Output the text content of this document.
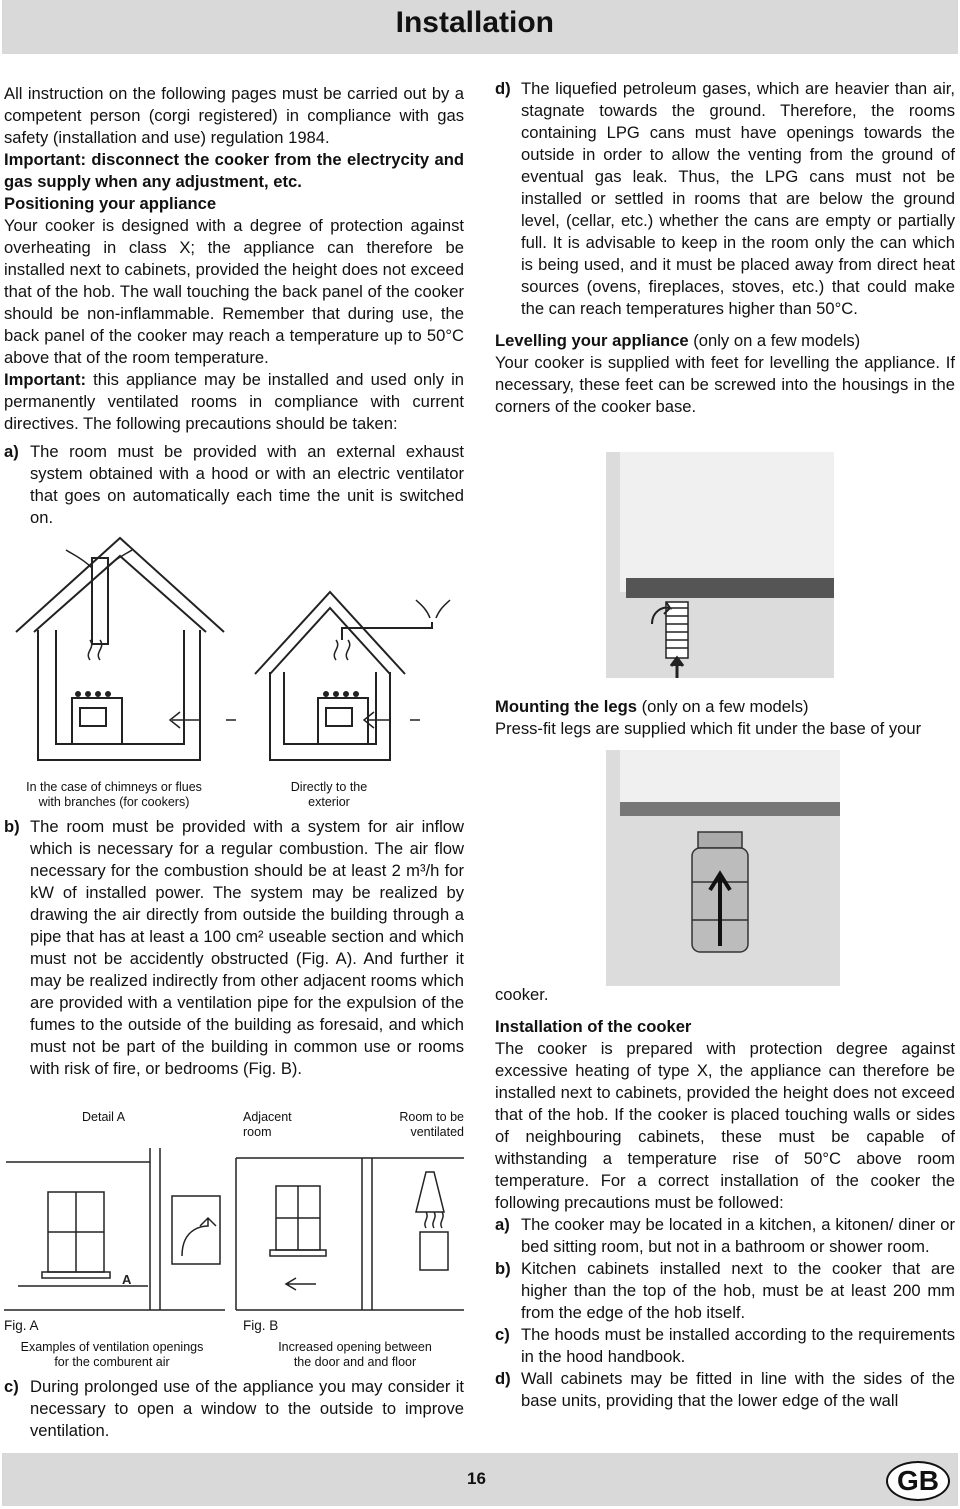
Installation

All instruction on the following pages must be carried out by a competent person (corgi registered) in compliance with gas safety (installation and use) regulation 1984.

Important: disconnect the cooker from the electrycity and gas supply when any adjustment, etc.

Positioning your appliance

Your cooker is designed with a degree of protection against overheating in class X; the appliance can therefore be installed next to cabinets, provided the height does not exceed that of the hob. The wall touching the back panel of the cooker should be non-inflammable. Remember that during use, the back panel of the cooker may reach a temperature up to 50°C above that of the room temperature.

Important: this appliance may be installed and used only in permanently ventilated rooms in compliance with current directives. The following precautions should be taken:

a) The room must be provided with an external exhaust system obtained with a hood or with an electric ventilator that goes on automatically each time the unit is switched on.
In the case of chimneys or flues with branches (for cookers)
Directly to the exterior
b) The room must be provided with a system for air inflow which is necessary for a regular combustion. The air flow necessary for the combustion should be at least 2 m³/h for kW of installed power. The system may be realized by drawing the air directly from outside the building through a pipe that has at least a 100 cm² useable section and which must not be accidently obstructed (Fig. A). And further it may be realized indirectly from other adjacent rooms which are provided with a ventilation pipe for the expulsion of the fumes to the outside of the building as foresaid, and which must not be part of the building in common use or rooms with risk of fire, or bedrooms (Fig. B).
Detail A	Adjacent room
Room to be ventilated
A
Fig. A	Fig. B
Examples of ventilation openings for the comburent air
Increased opening between the door and and floor
c) During prolonged use of the appliance you may consider it necessary to open a window to the outside to improve ventilation.
d) The liquefied petroleum gases, which are heavier than air, stagnate towards the ground. Therefore, the rooms containing LPG cans must have openings towards the outside in order to allow the venting from the ground of eventual gas leak. Thus, the LPG cans must not be installed or settled in rooms that are below the ground level, (cellar, etc.) whether the cans are empty or partially full. It is advisable to keep in the room only the can which is being used, and it must be placed away from direct heat sources (ovens, fireplaces, stoves, etc.) that could make the can reach temperatures higher than 50°C.

Levelling your appliance (only on a few models)

Your cooker is supplied with feet for levelling the appliance. If necessary, these feet can be screwed into the housings in the corners of the cooker base.

Mounting the legs (only on a few models)

Press-fit legs are supplied which fit under the base of your

cooker.

Installation of the cooker

The cooker is prepared with protection degree against excessive heating of type X, the appliance can therefore be installed next to cabinets, provided the height does not exceed that of the hob. If the cooker is placed touching walls or sides of neighbouring cabinets, these must be capable of withstanding a temperature rise of 50°C above room temperature. For a correct installation of the cooker the following precautions must be followed:

a) The cooker may be located in a kitchen, a kitonen/ diner or bed sitting room, but not in a bathroom or shower room.
b) Kitchen cabinets installed next to the cooker that are higher than the top of the hob, must be at least 200 mm from the edge of the hob itself.
c) The hoods must be installed according to the requirements in the hood handbook.
d) Wall cabinets may be fitted in line with the sides of the base units, providing that the lower edge of the wall
16	GB
